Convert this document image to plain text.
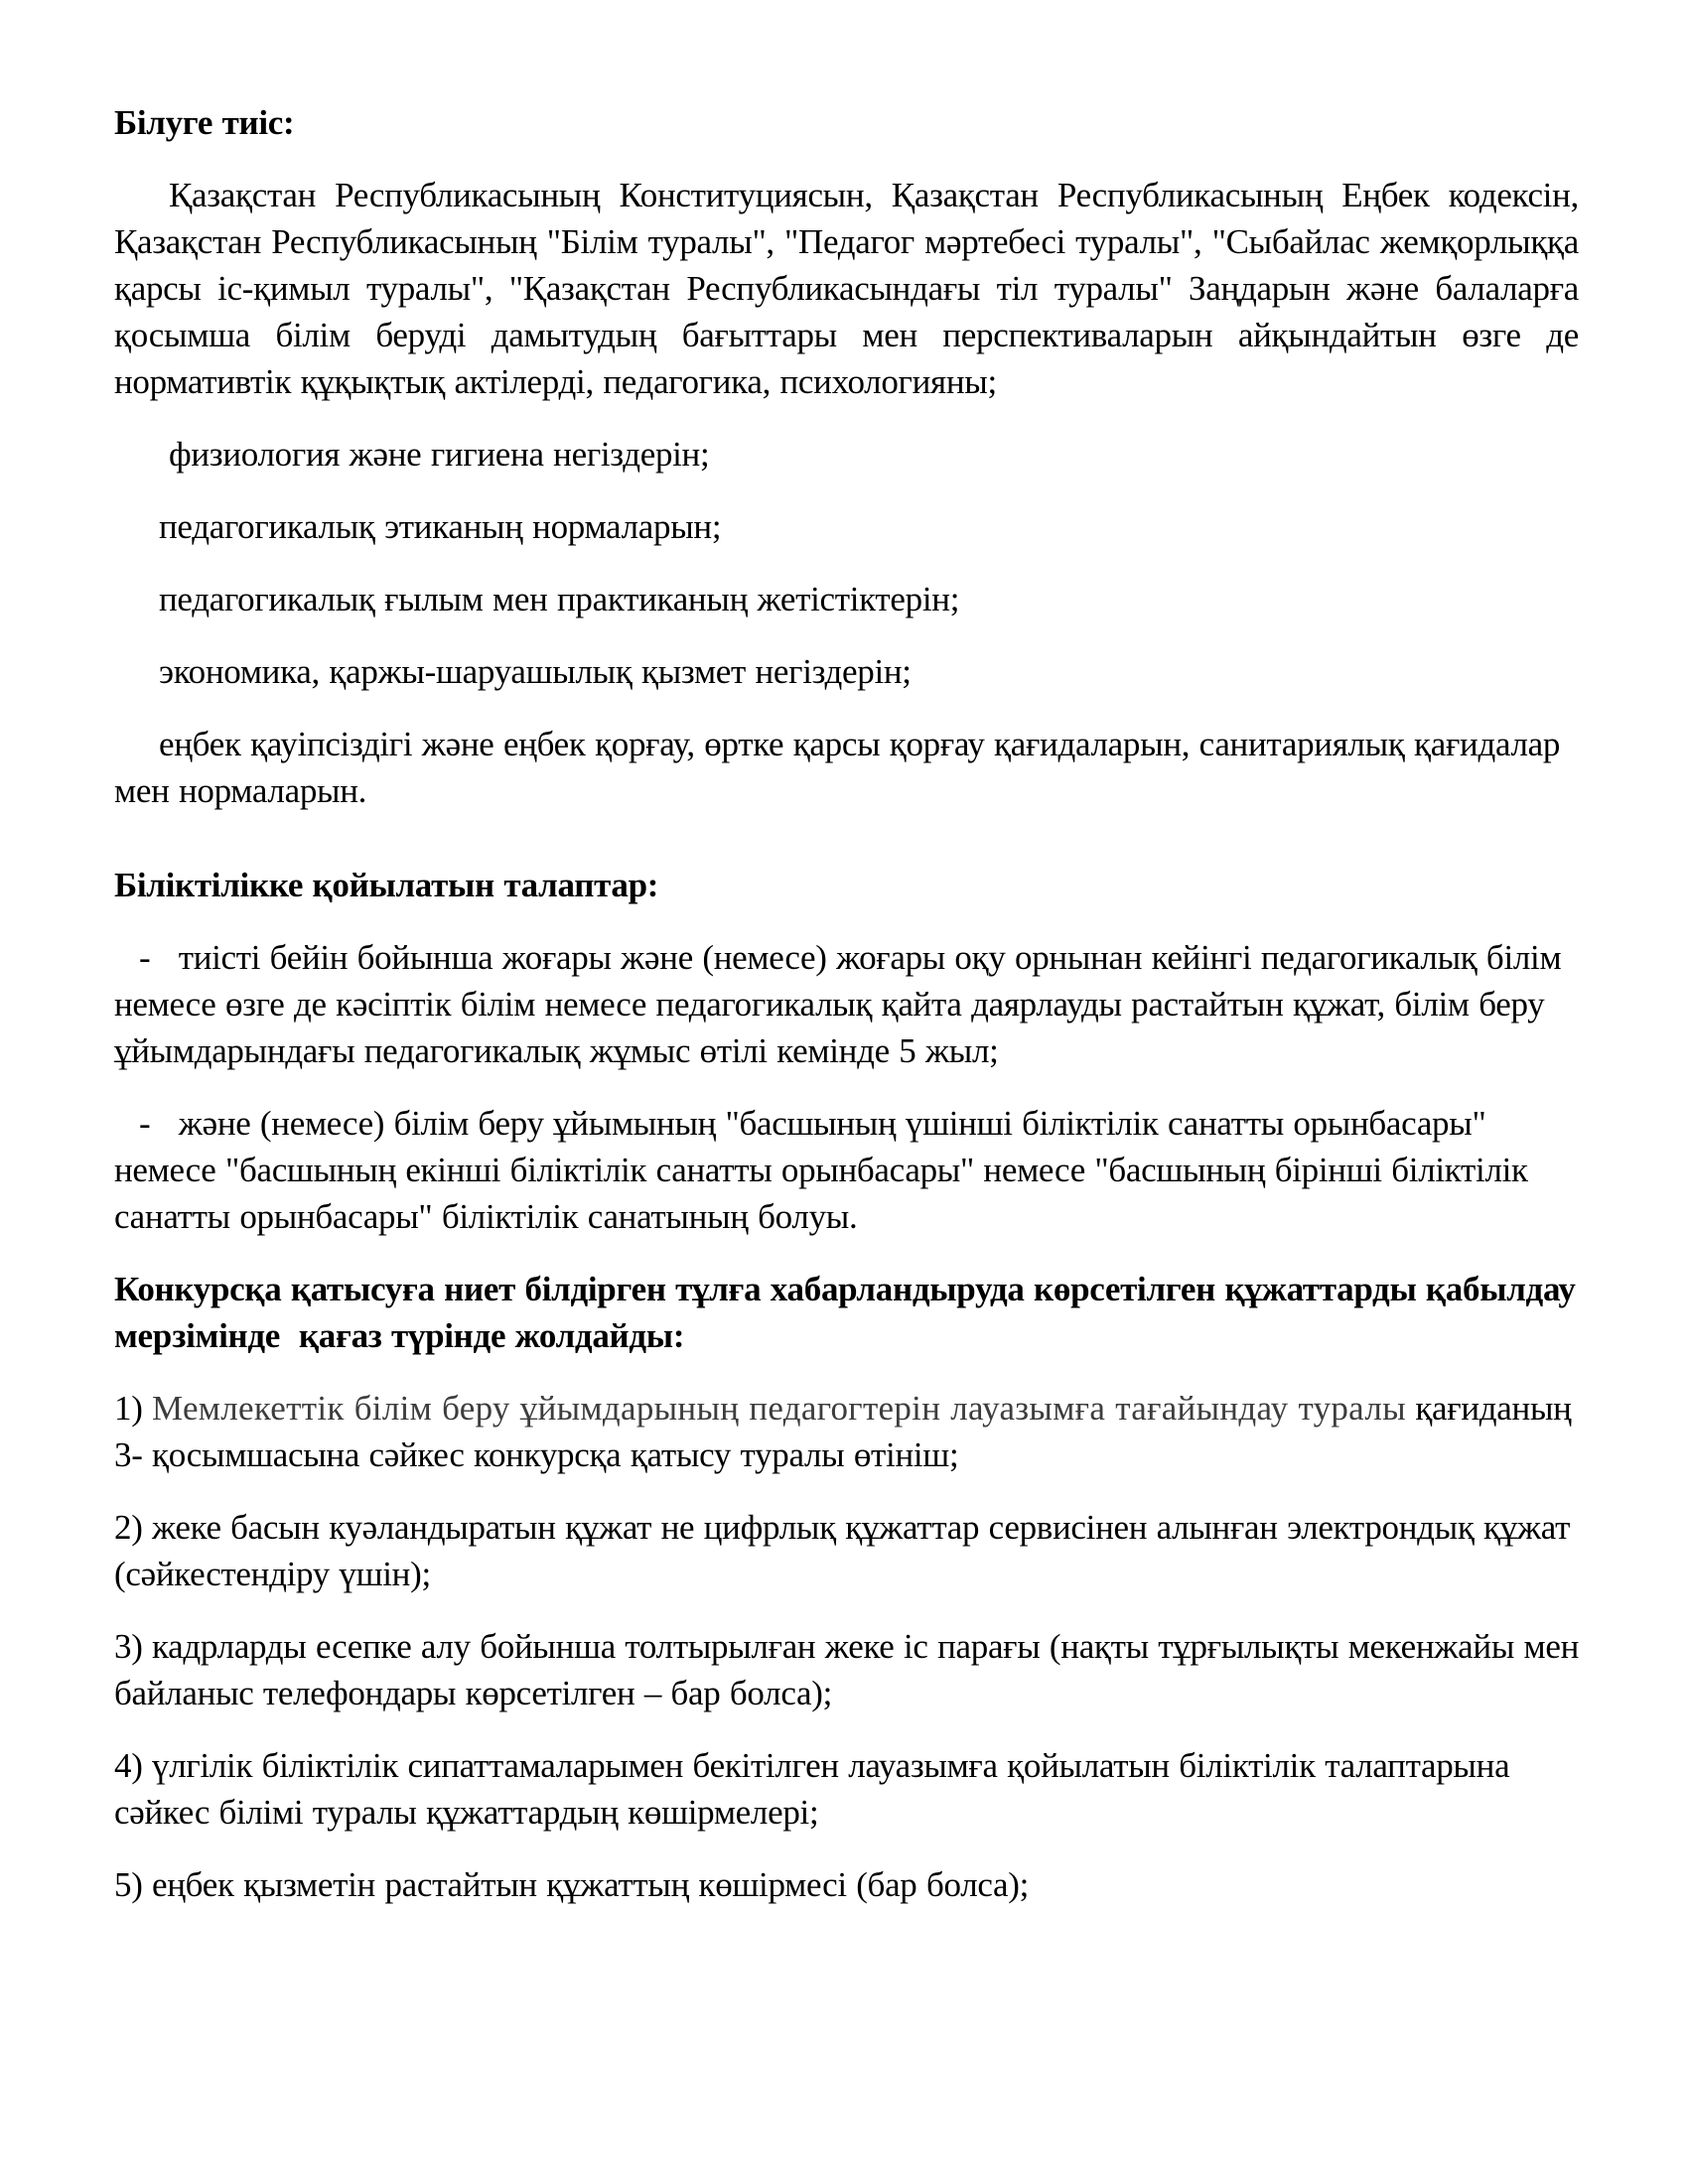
Білуге тиіс:

Қазақстан Республикасының Конституциясын, Қазақстан Республикасының Еңбек кодексін, Қазақстан Республикасының "Білім туралы", "Педагог мәртебесі туралы", "Сыбайлас жемқорлыққа қарсы іс-қимыл туралы", "Қазақстан Республикасындағы тіл туралы" Заңдарын және балаларға қосымша білім беруді дамытудың бағыттары мен перспективаларын айқындайтын өзге де нормативтік құқықтық актілерді, педагогика, психологияны;

физиология және гигиена негіздерін;

педагогикалық этиканың нормаларын;

педагогикалық ғылым мен практиканың жетістіктерін;

экономика, қаржы-шаруашылық қызмет негіздерін;

еңбек қауіпсіздігі және еңбек қорғау, өртке қарсы қорғау қағидаларын, санитариялық қағидалар мен нормаларын.

Біліктілікке қойылатын талаптар:

-   тиісті бейін бойынша жоғары және (немесе) жоғары оқу орнынан кейінгі педагогикалық білім немесе өзге де кәсіптік білім немесе педагогикалық қайта даярлауды растайтын құжат, білім беру ұйымдарындағы педагогикалық жұмыс өтілі кемінде 5 жыл;

-   және (немесе) білім беру ұйымының "басшының үшінші біліктілік санатты орынбасары" немесе "басшының екінші біліктілік санатты орынбасары" немесе "басшының бірінші біліктілік санатты орынбасары" біліктілік санатының болуы.

Конкурсқа қатысуға ниет білдірген тұлға хабарландыруда көрсетілген құжаттарды қабылдау мерзімінде  қағаз түрінде жолдайды:

1) Мемлекеттік білім беру ұйымдарының педагогтерін лауазымға тағайындау туралы қағиданың 3- қосымшасына сәйкес конкурсқа қатысу туралы өтініш;

2) жеке басын куәландыратын құжат не цифрлық құжаттар сервисінен алынған электрондық құжат (сәйкестендіру үшін);

3) кадрларды есепке алу бойынша толтырылған жеке іс парағы (нақты тұрғылықты мекенжайы мен байланыс телефондары көрсетілген – бар болса);

4) үлгілік біліктілік сипаттамаларымен бекітілген лауазымға қойылатын біліктілік талаптарына сәйкес білімі туралы құжаттардың көшірмелері;

5) еңбек қызметін растайтын құжаттың көшірмесі (бар болса);
